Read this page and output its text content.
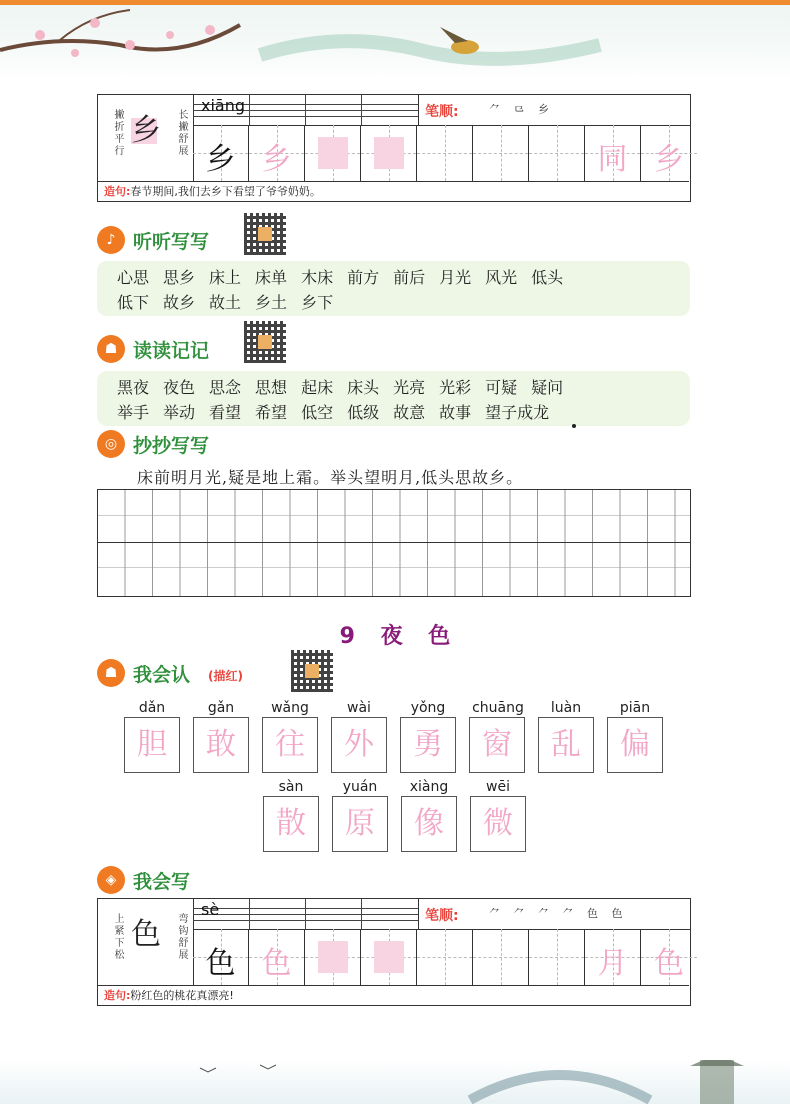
撇折平行 乡 长撇舒展
xiāng	笔顺:	⺈ ⺋ 乡
乡 乡	同 乡
造句:春节期间,我们去乡下看望了爷爷奶奶。
♪ 听听写写
心思 思乡 床上 床单 木床 前方 前后 月光 风光 低头
低下 故乡 故土 乡土 乡下
☗ 读读记记
黑夜 夜色 思念 思想 起床 床头 光亮 光彩 可疑 疑问
举手 举动 看望 希望 低空 低级 故意 故事 望子成龙
◎ 抄抄写写
床前明月光,疑是地上霜。举头望明月,低头思故乡。
9 夜 色
☗ 我会认 (描红)
dǎn
胆
gǎn
敢
wǎng
往
wài
外
yǒng
勇
chuāng
窗
luàn
乱
piān
偏
sàn
散
yuán
原
xiàng
像
wēi
微
◈ 我会写
上紧下松 色 弯钩舒展
sè	笔顺:	⺈ ⺈ ⺈ ⺈ 色 色
色 色	月 色
造句:粉红色的桃花真漂亮!
